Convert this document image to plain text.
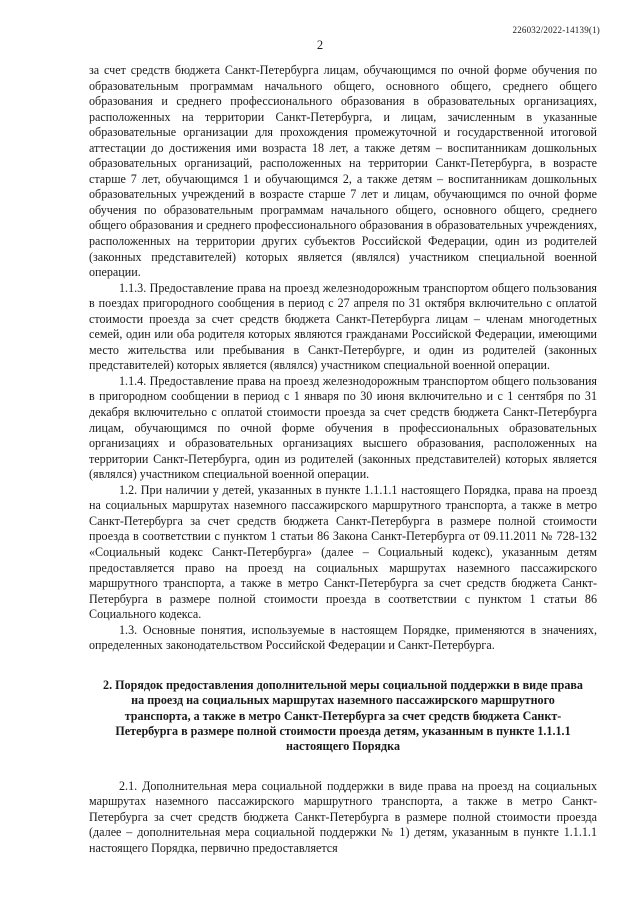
226032/2022-14139(1)
2

за счет средств бюджета Санкт-Петербурга лицам, обучающимся по очной форме обучения по образовательным программам начального общего, основного общего, среднего общего образования и среднего профессионального образования в образовательных организациях, расположенных на территории Санкт-Петербурга, и лицам, зачисленным в указанные образовательные организации для прохождения промежуточной и государственной итоговой аттестации до достижения ими возраста 18 лет, а также детям – воспитанникам дошкольных образовательных организаций, расположенных на территории Санкт-Петербурга, в возрасте старше 7 лет, обучающимся 1 и обучающимся 2, а также детям – воспитанникам дошкольных образовательных учреждений в возрасте старше 7 лет и лицам, обучающимся по очной форме обучения по образовательным программам начального общего, основного общего, среднего общего образования и среднего профессионального образования в образовательных учреждениях, расположенных на территории других субъектов Российской Федерации, один из родителей (законных представителей) которых является (являлся) участником специальной военной операции.

1.1.3. Предоставление права на проезд железнодорожным транспортом общего пользования в поездах пригородного сообщения в период с 27 апреля по 31 октября включительно с оплатой стоимости проезда за счет средств бюджета Санкт-Петербурга лицам – членам многодетных семей, один или оба родителя которых являются гражданами Российской Федерации, имеющими место жительства или пребывания в Санкт-Петербурге, и один из родителей (законных представителей) которых является (являлся) участником специальной военной операции.

1.1.4. Предоставление права на проезд железнодорожным транспортом общего пользования в пригородном сообщении в период с 1 января по 30 июня включительно и с 1 сентября по 31 декабря включительно с оплатой стоимости проезда за счет средств бюджета Санкт-Петербурга лицам, обучающимся по очной форме обучения в профессиональных образовательных организациях и образовательных организациях высшего образования, расположенных на территории Санкт-Петербурга, один из родителей (законных представителей) которых является (являлся) участником специальной военной операции.

1.2. При наличии у детей, указанных в пункте 1.1.1.1 настоящего Порядка, права на проезд на социальных маршрутах наземного пассажирского маршрутного транспорта, а также в метро Санкт-Петербурга за счет средств бюджета Санкт-Петербурга в размере полной стоимости проезда в соответствии с пунктом 1 статьи 86 Закона Санкт-Петербурга от 09.11.2011 № 728-132 «Социальный кодекс Санкт-Петербурга» (далее – Социальный кодекс), указанным детям предоставляется право на проезд на социальных маршрутах наземного пассажирского маршрутного транспорта, а также в метро Санкт-Петербурга за счет средств бюджета Санкт-Петербурга в размере полной стоимости проезда в соответствии с пунктом 1 статьи 86 Социального кодекса.

1.3. Основные понятия, используемые в настоящем Порядке, применяются в значениях, определенных законодательством Российской Федерации и Санкт-Петербурга.

2. Порядок предоставления дополнительной меры социальной поддержки в виде права на проезд на социальных маршрутах наземного пассажирского маршрутного транспорта, а также в метро Санкт-Петербурга за счет средств бюджета Санкт-Петербурга в размере полной стоимости проезда детям, указанным в пункте 1.1.1.1 настоящего Порядка

2.1. Дополнительная мера социальной поддержки в виде права на проезд на социальных маршрутах наземного пассажирского маршрутного транспорта, а также в метро Санкт-Петербурга за счет средств бюджета Санкт-Петербурга в размере полной стоимости проезда (далее – дополнительная мера социальной поддержки № 1) детям, указанным в пункте 1.1.1.1 настоящего Порядка, первично предоставляется
